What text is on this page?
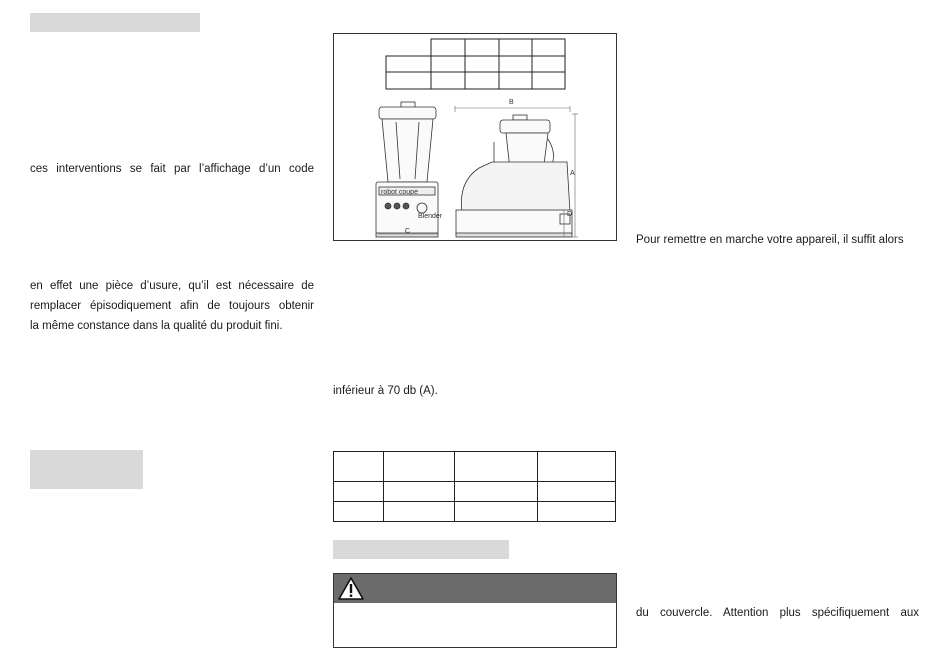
ces interventions se fait par l’affichage d’un code
en effet une pièce d’usure, qu’il est nécessaire de
remplacer épisodiquement afin de toujours obtenir
la même constance dans la qualité du produit fini.
robot coupe
Blender
B
A
D
C
inférieur à 70 db (A).

Pour remettre en marche votre appareil, il suffit alors
du couvercle. Attention plus spécifiquement aux
